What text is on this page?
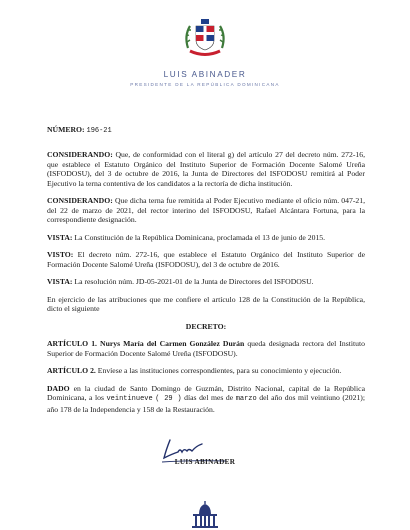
LUIS ABINADER
PRESIDENTE DE LA REPÚBLICA DOMINICANA

NÚMERO: 196-21

CONSIDERANDO: Que, de conformidad con el literal g) del artículo 27 del decreto núm. 272-16, que establece el Estatuto Orgánico del Instituto Superior de Formación Docente Salomé Ureña (ISFODOSU), del 3 de octubre de 2016, la Junta de Directores del ISFODOSU remitirá al Poder Ejecutivo la terna contentiva de los candidatos a la rectoría de dicha institución.

CONSIDERANDO: Que dicha terna fue remitida al Poder Ejecutivo mediante el oficio núm. 047-21, del 22 de marzo de 2021, del rector interino del ISFODOSU, Rafael Alcántara Fortuna, para la correspondiente designación.

VISTA: La Constitución de la República Dominicana, proclamada el 13 de junio de 2015.

VISTO: El decreto núm. 272-16, que establece el Estatuto Orgánico del Instituto Superior de Formación Docente Salomé Ureña (ISFODOSU), del 3 de octubre de 2016.

VISTA: La resolución núm. JD-05-2021-01 de la Junta de Directores del ISFODOSU.

En ejercicio de las atribuciones que me confiere el artículo 128 de la Constitución de la República, dicto el siguiente

DECRETO:

ARTÍCULO 1. Nurys María del Carmen González Durán queda designada rectora del Instituto Superior de Formación Docente Salomé Ureña (ISFODOSU).

ARTÍCULO 2. Envíese a las instituciones correspondientes, para su conocimiento y ejecución.

DADO en la ciudad de Santo Domingo de Guzmán, Distrito Nacional, capital de la República Dominicana, a los veintinueve ( 29 ) días del mes de marzo del año dos mil veintiuno (2021); año 178 de la Independencia y 158 de la Restauración.

LUIS ABINADER
